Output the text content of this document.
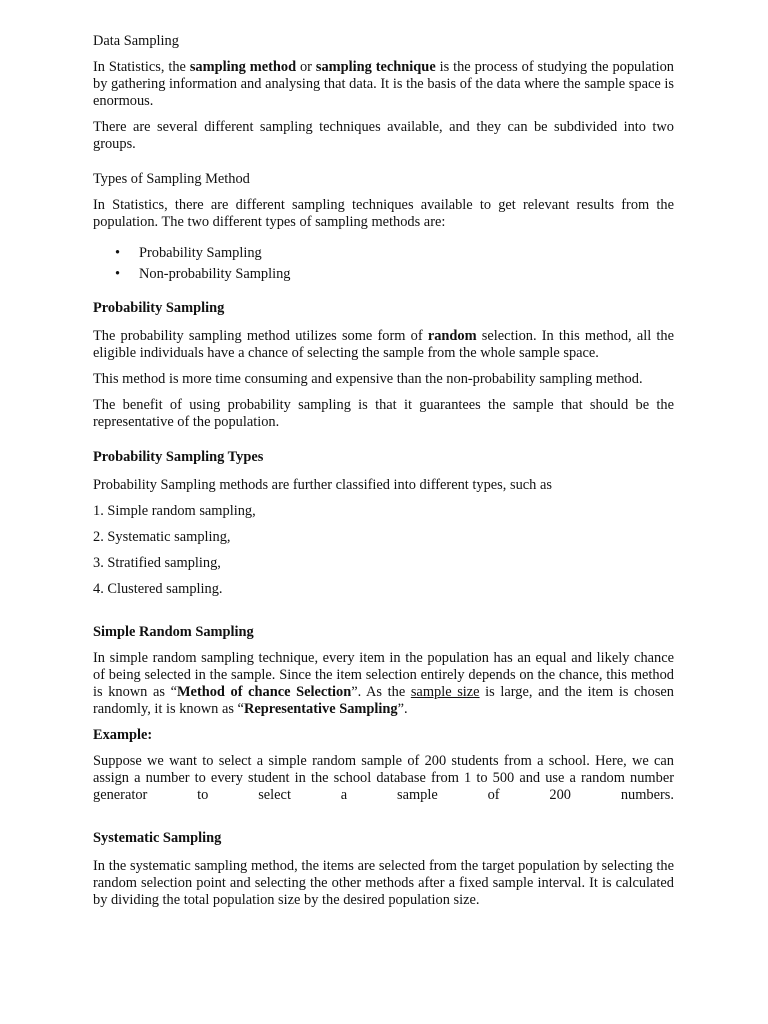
Data Sampling

In Statistics, the sampling method or sampling technique is the process of studying the population by gathering information and analysing that data. It is the basis of the data where the sample space is enormous.

There are several different sampling techniques available, and they can be subdivided into two groups.

Types of Sampling Method

In Statistics, there are different sampling techniques available to get relevant results from the population. The two different types of sampling methods are:

• Probability Sampling
• Non-probability Sampling

Probability Sampling

The probability sampling method utilizes some form of random selection. In this method, all the eligible individuals have a chance of selecting the sample from the whole sample space.

This method is more time consuming and expensive than the non-probability sampling method.

The benefit of using probability sampling is that it guarantees the sample that should be the representative of the population.

Probability Sampling Types

Probability Sampling methods are further classified into different types, such as

1. Simple random sampling,

2. Systematic sampling,

3. Stratified sampling,

4. Clustered sampling.

Simple Random Sampling

In simple random sampling technique, every item in the population has an equal and likely chance of being selected in the sample. Since the item selection entirely depends on the chance, this method is known as “Method of chance Selection”. As the sample size is large, and the item is chosen randomly, it is known as “Representative Sampling”.

Example:

Suppose we want to select a simple random sample of 200 students from a school. Here, we can assign a number to every student in the school database from 1 to 500 and use a random number generator to select a sample of 200 numbers.

Systematic Sampling

In the systematic sampling method, the items are selected from the target population by selecting the random selection point and selecting the other methods after a fixed sample interval. It is calculated by dividing the total population size by the desired population size.
